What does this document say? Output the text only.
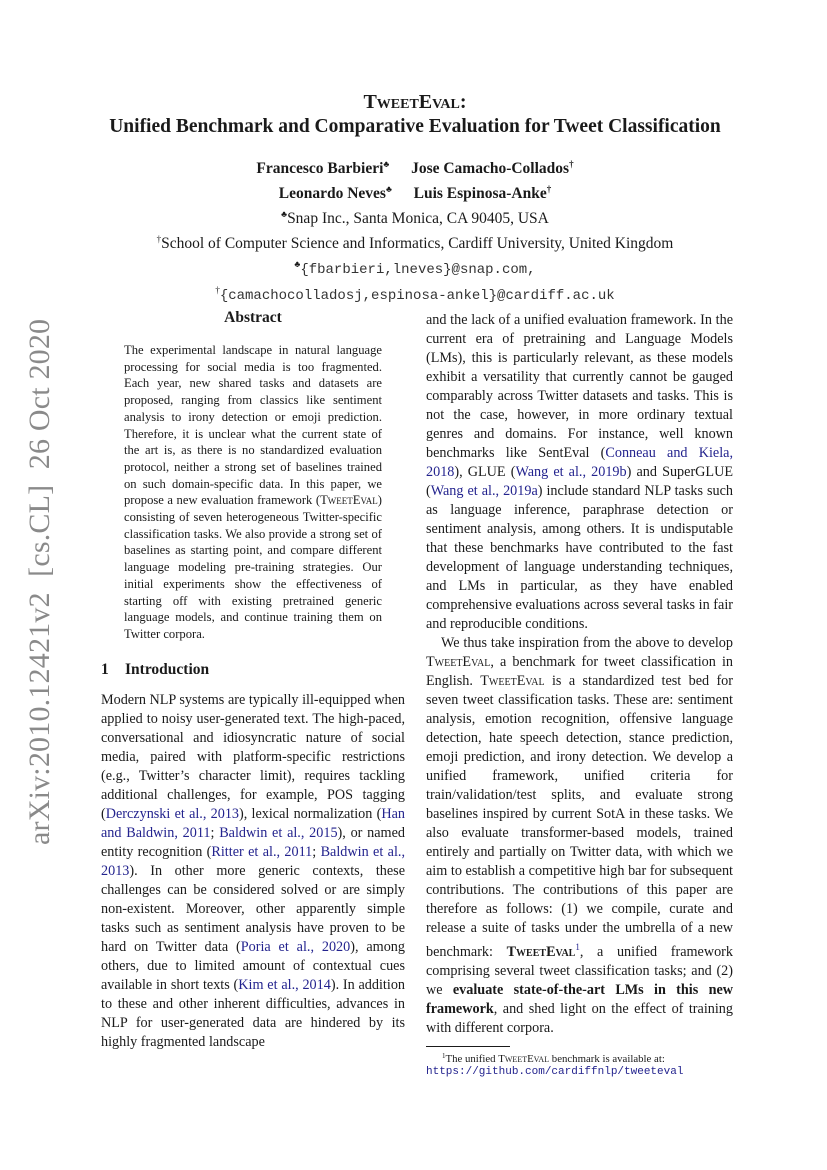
arXiv:2010.12421v2  [cs.CL]  26 Oct 2020
TweetEval:
Unified Benchmark and Comparative Evaluation for Tweet Classification
Francesco Barbieri♣ Jose Camacho-Collados†
Leonardo Neves♣ Luis Espinosa-Anke†
♣Snap Inc., Santa Monica, CA 90405, USA
†School of Computer Science and Informatics, Cardiff University, United Kingdom
♣{fbarbieri,lneves}@snap.com,
†{camachocolladosj,espinosa-ankel}@cardiff.ac.uk
Abstract
The experimental landscape in natural language processing for social media is too fragmented. Each year, new shared tasks and datasets are proposed, ranging from classics like sentiment analysis to irony detection or emoji prediction. Therefore, it is unclear what the current state of the art is, as there is no standardized evaluation protocol, neither a strong set of baselines trained on such domain-specific data. In this paper, we propose a new evaluation framework (TweetEval) consisting of seven heterogeneous Twitter-specific classification tasks. We also provide a strong set of baselines as starting point, and compare different language modeling pre-training strategies. Our initial experiments show the effectiveness of starting off with existing pretrained generic language models, and continue training them on Twitter corpora.
1 Introduction
Modern NLP systems are typically ill-equipped when applied to noisy user-generated text. The high-paced, conversational and idiosyncratic nature of social media, paired with platform-specific restrictions (e.g., Twitter’s character limit), requires tackling additional challenges, for example, POS tagging (Derczynski et al., 2013), lexical normalization (Han and Baldwin, 2011; Baldwin et al., 2015), or named entity recognition (Ritter et al., 2011; Baldwin et al., 2013). In other more generic contexts, these challenges can be considered solved or are simply non-existent. Moreover, other apparently simple tasks such as sentiment analysis have proven to be hard on Twitter data (Poria et al., 2020), among others, due to limited amount of contextual cues available in short texts (Kim et al., 2014). In addition to these and other inherent difficulties, advances in NLP for user-generated data are hindered by its highly fragmented landscape
and the lack of a unified evaluation framework. In the current era of pretraining and Language Models (LMs), this is particularly relevant, as these models exhibit a versatility that currently cannot be gauged comparably across Twitter datasets and tasks. This is not the case, however, in more ordinary textual genres and domains. For instance, well known benchmarks like SentEval (Conneau and Kiela, 2018), GLUE (Wang et al., 2019b) and SuperGLUE (Wang et al., 2019a) include standard NLP tasks such as language inference, paraphrase detection or sentiment analysis, among others. It is undisputable that these benchmarks have contributed to the fast development of language understanding techniques, and LMs in particular, as they have enabled comprehensive evaluations across several tasks in fair and reproducible conditions.
We thus take inspiration from the above to develop TweetEval, a benchmark for tweet classification in English. TweetEval is a standardized test bed for seven tweet classification tasks. These are: sentiment analysis, emotion recognition, offensive language detection, hate speech detection, stance prediction, emoji prediction, and irony detection. We develop a unified framework, unified criteria for train/validation/test splits, and evaluate strong baselines inspired by current SotA in these tasks. We also evaluate transformer-based models, trained entirely and partially on Twitter data, with which we aim to establish a competitive high bar for subsequent contributions. The contributions of this paper are therefore as follows: (1) we compile, curate and release a suite of tasks under the umbrella of a new benchmark: TweetEval$^1$, a unified framework comprising several tweet classification tasks; and (2) we evaluate state-of-the-art LMs in this new framework, and shed light on the effect of training with different corpora.
$^1$The unified TweetEval benchmark is available at:
https://github.com/cardiffnlp/tweeteval
